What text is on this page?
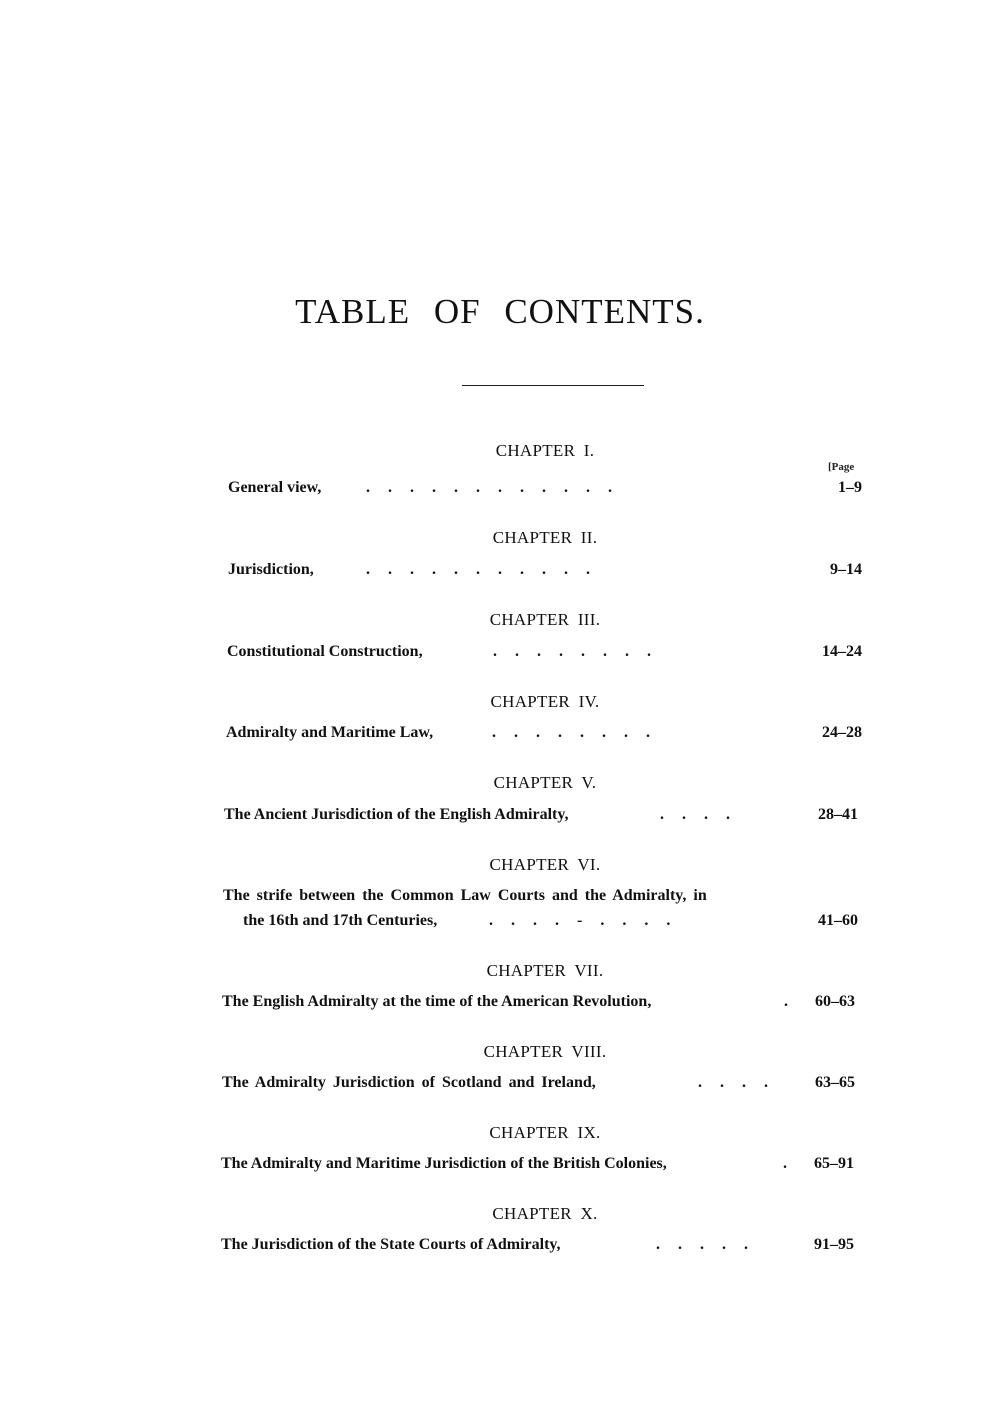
TABLE OF CONTENTS.
CHAPTER I.
[Page
General view,	. . . . . . . . . . . .	1–9
CHAPTER II.
Jurisdiction,	. . . . . . . . . . .	9–14
CHAPTER III.
Constitutional Construction,	. . . . . . . .	14–24
CHAPTER IV.
Admiralty and Maritime Law,	. . . . . . . .	24–28
CHAPTER V.
The Ancient Jurisdiction of the English Admiralty,	. . . .	28–41
CHAPTER VI.
The strife between the Common Law Courts and the Admiralty, in
the 16th and 17th Centuries,	. . . . - . . . .	41–60
CHAPTER VII.
The English Admiralty at the time of the American Revolution,	. 60–63
CHAPTER VIII.
The Admiralty Jurisdiction of Scotland and Ireland,	. . . .	63–65
CHAPTER IX.
The Admiralty and Maritime Jurisdiction of the British Colonies,	. 65–91
CHAPTER X.
The Jurisdiction of the State Courts of Admiralty,	. . . . .	91–95
